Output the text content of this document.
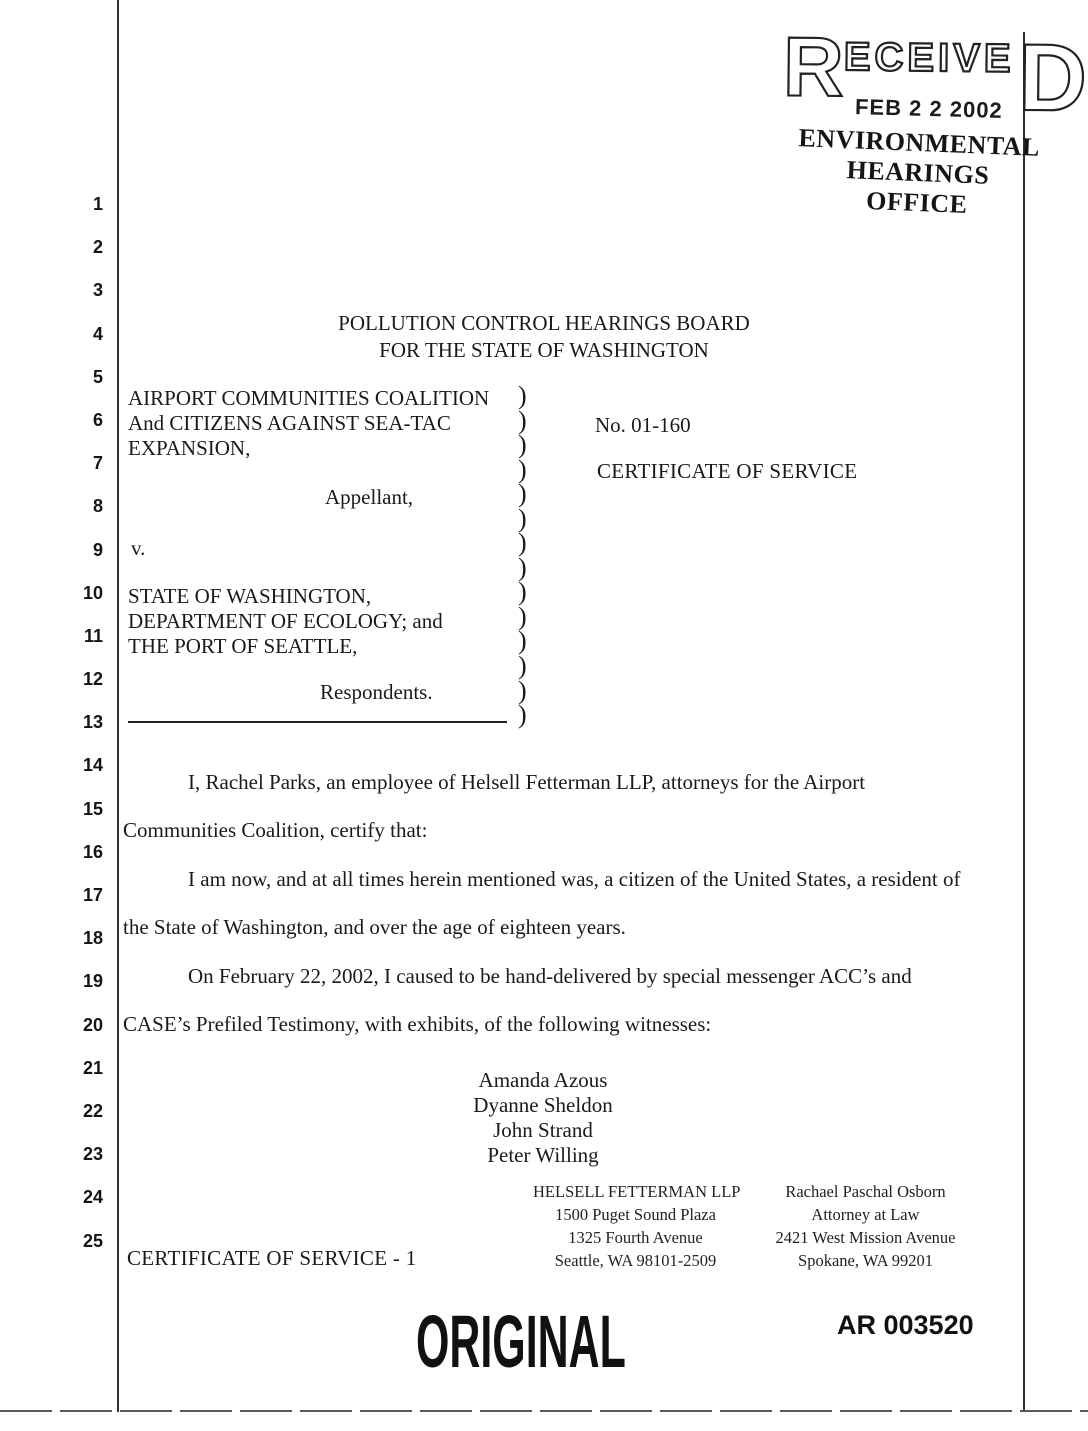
1
2
3
4
5
6
7
8
9
10
11
12
13
14
15
16
17
18
19
20
21
22
23
24
25
R ECEIVE D
FEB 2 2 2002
ENVIRONMENTAL
HEARINGS OFFICE
POLLUTION CONTROL HEARINGS BOARD
FOR THE STATE OF WASHINGTON
AIRPORT COMMUNITIES COALITION
And CITIZENS AGAINST SEA-TAC
EXPANSION,
Appellant,
v.
STATE OF WASHINGTON,
DEPARTMENT OF ECOLOGY; and
THE PORT OF SEATTLE,
Respondents.
)
)
)
)
)
)
)
)
)
)
)
)
)
)
No. 01-160
CERTIFICATE OF SERVICE
I, Rachel Parks, an employee of Helsell Fetterman LLP, attorneys for the Airport
Communities Coalition, certify that:
I am now, and at all times herein mentioned was, a citizen of the United States, a resident of
the State of Washington, and over the age of eighteen years.
On February 22, 2002, I caused to be hand-delivered by special messenger ACC’s and
CASE’s Prefiled Testimony, with exhibits, of the following witnesses:
Amanda Azous
Dyanne Sheldon
John Strand
Peter Willing
CERTIFICATE OF SERVICE - 1
HELSELL FETTERMAN LLP
1500 Puget Sound Plaza
1325 Fourth Avenue
Seattle, WA 98101-2509
Rachael Paschal Osborn
Attorney at Law
2421 West Mission Avenue
Spokane, WA 99201
ORIGINAL	AR 003520
